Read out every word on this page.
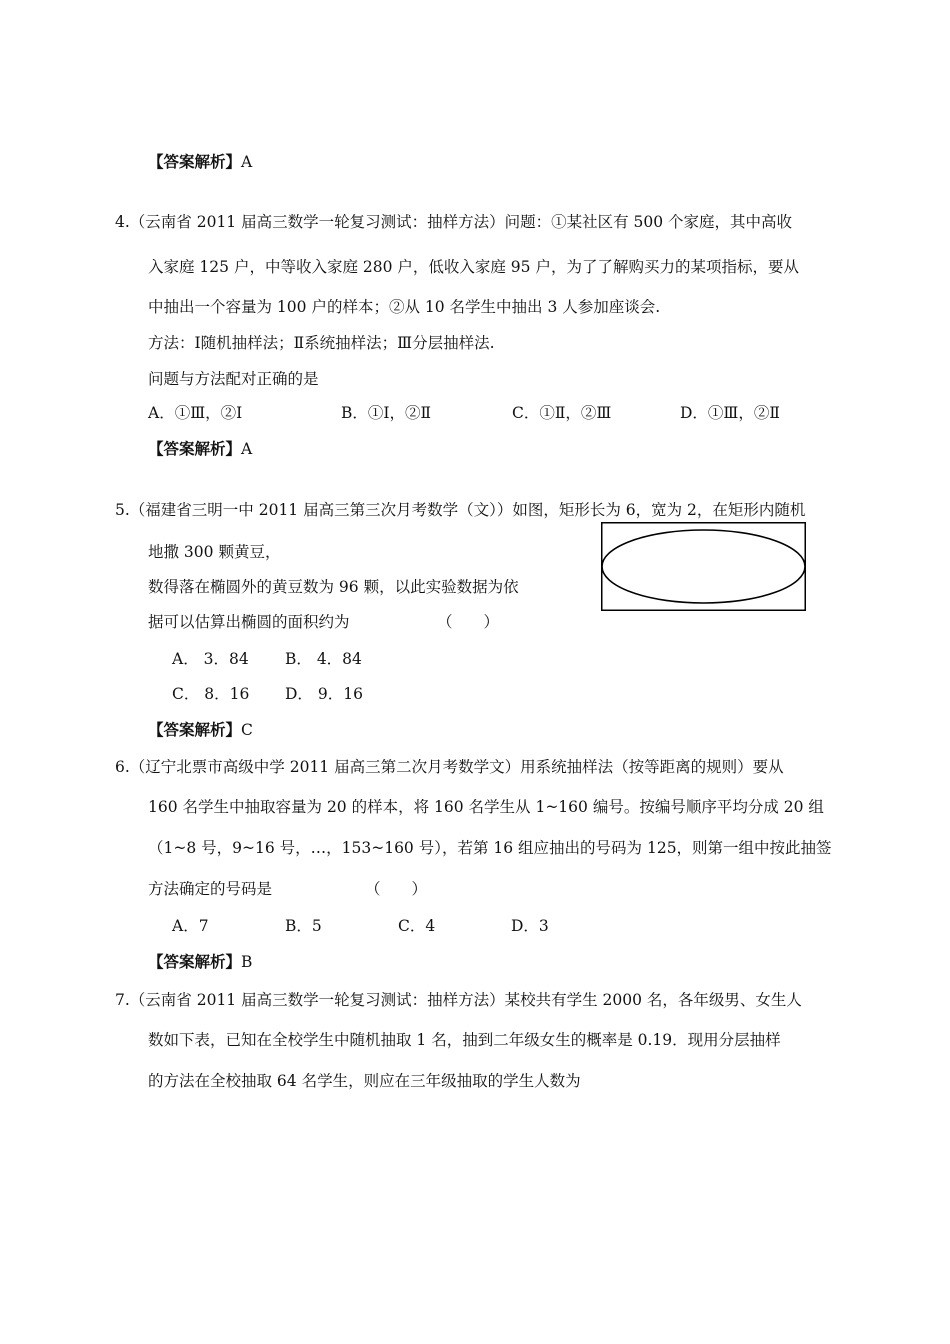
【答案解析】A
4.（云南省 2011 届高三数学一轮复习测试：抽样方法）问题：①某社区有 500 个家庭，其中高收
入家庭 125 户，中等收入家庭 280 户，低收入家庭 95 户，为了了解购买力的某项指标，要从
中抽出一个容量为 100 户的样本；②从 10 名学生中抽出 3 人参加座谈会.
方法：Ⅰ随机抽样法；Ⅱ系统抽样法；Ⅲ分层抽样法.
问题与方法配对正确的是
A．①Ⅲ，②Ⅰ	B．①Ⅰ，②Ⅱ	C．①Ⅱ，②Ⅲ	D．①Ⅲ，②Ⅱ
【答案解析】A
5.（福建省三明一中 2011 届高三第三次月考数学（文））如图，矩形长为 6，宽为 2，在矩形内随机
地撒 300 颗黄豆，
数得落在椭圆外的黄豆数为 96 颗，以此实验数据为依
据可以估算出椭圆的面积约为	（　　）
A． 3．84 B． 4．84
C． 8．16 D． 9．16
【答案解析】C
6.（辽宁北票市高级中学 2011 届高三第二次月考数学文）用系统抽样法（按等距离的规则）要从
160 名学生中抽取容量为 20 的样本，将 160 名学生从 1~160 编号。按编号顺序平均分成 20 组
（1~8 号，9~16 号，…，153~160 号），若第 16 组应抽出的号码为 125，则第一组中按此抽签
方法确定的号码是	（　　）
A．7	B．5	C．4	D．3
【答案解析】B
7.（云南省 2011 届高三数学一轮复习测试：抽样方法）某校共有学生 2000 名，各年级男、女生人
数如下表，已知在全校学生中随机抽取 1 名，抽到二年级女生的概率是 0.19．现用分层抽样
的方法在全校抽取 64 名学生，则应在三年级抽取的学生人数为
